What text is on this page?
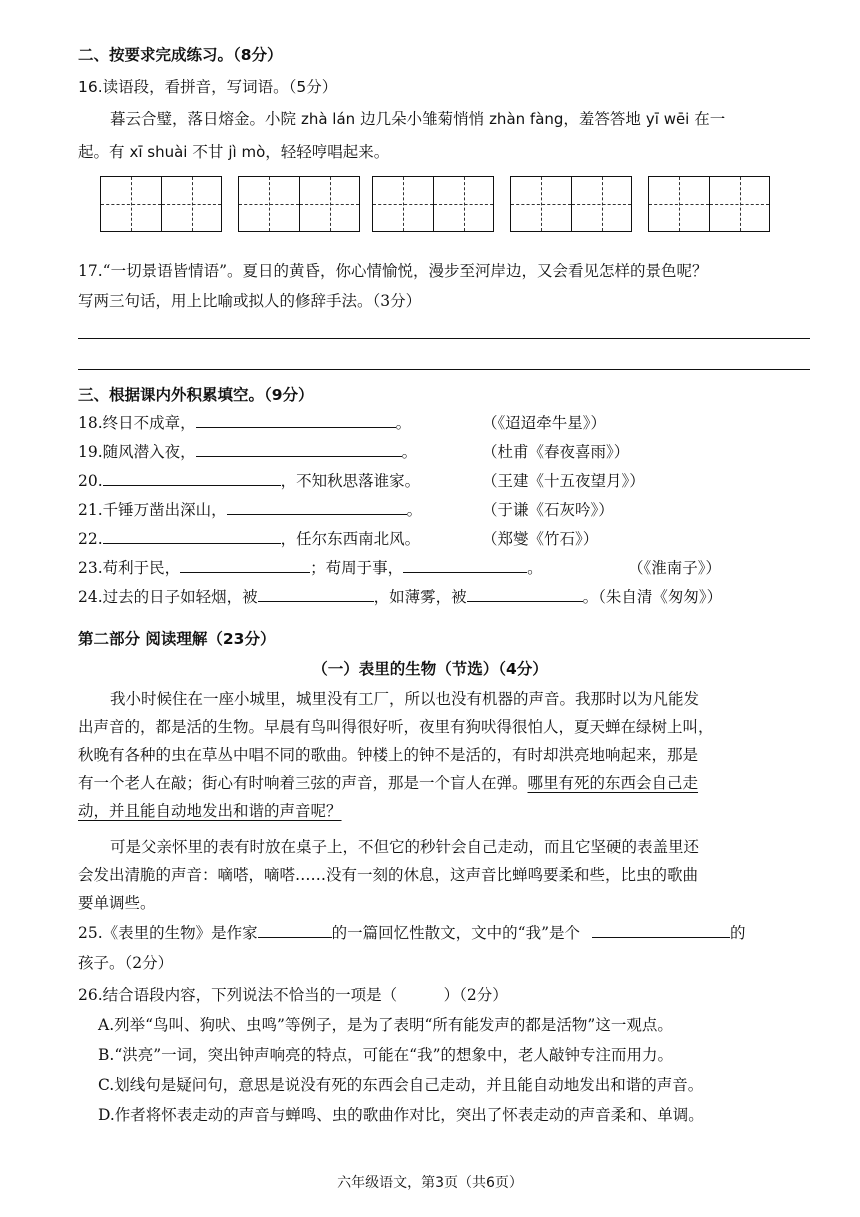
二、按要求完成练习。（8分）
16.读语段，看拼音，写词语。（5分）
暮云合璧，落日熔金。小院 zhà lán 边几朵小雏菊悄悄 zhàn fàng，羞答答地 yī wēi 在一
起。有 xī shuài 不甘 jì mò，轻轻哼唱起来。
17.“一切景语皆情语”。夏日的黄昏，你心情愉悦，漫步至河岸边，又会看见怎样的景色呢？
写两三句话，用上比喻或拟人的修辞手法。（3分）
三、根据课内外积累填空。（9分）
18.终日不成章，	。	（《迢迢牵牛星》）
19.随风潜入夜，	。	（杜甫《春夜喜雨》）
20.	，不知秋思落谁家。	（王建《十五夜望月》）
21.千锤万凿出深山，	。	（于谦《石灰吟》）
22.	，任尔东西南北风。	（郑燮《竹石》）
23.苟利于民，	；苟周于事，	。	（《淮南子》）
24.过去的日子如轻烟，被	，如薄雾，被	。（朱自清《匆匆》）
第二部分 阅读理解（23分）
（一）表里的生物（节选）（4分）
我小时候住在一座小城里，城里没有工厂，所以也没有机器的声音。我那时以为凡能发
出声音的，都是活的生物。早晨有鸟叫得很好听，夜里有狗吠得很怕人，夏天蝉在绿树上叫，
秋晚有各种的虫在草丛中唱不同的歌曲。钟楼上的钟不是活的，有时却洪亮地响起来，那是
有一个老人在敲；街心有时响着三弦的声音，那是一个盲人在弹。哪里有死的东西会自己走
动，并且能自动地发出和谐的声音呢？
可是父亲怀里的表有时放在桌子上，不但它的秒针会自己走动，而且它坚硬的表盖里还
会发出清脆的声音：嘀嗒，嘀嗒……没有一刻的休息，这声音比蝉鸣要柔和些，比虫的歌曲
要单调些。
25.《表里的生物》是作家	的一篇回忆性散文，文中的“我”是个	的
孩子。（2分）
26.结合语段内容，下列说法不恰当的一项是（　　　）（2分）
A.列举“鸟叫、狗吠、虫鸣”等例子，是为了表明“所有能发声的都是活物”这一观点。
B.“洪亮”一词，突出钟声响亮的特点，可能在“我”的想象中，老人敲钟专注而用力。
C.划线句是疑问句，意思是说没有死的东西会自己走动，并且能自动地发出和谐的声音。
D.作者将怀表走动的声音与蝉鸣、虫的歌曲作对比，突出了怀表走动的声音柔和、单调。
六年级语文，第3页（共6页）
